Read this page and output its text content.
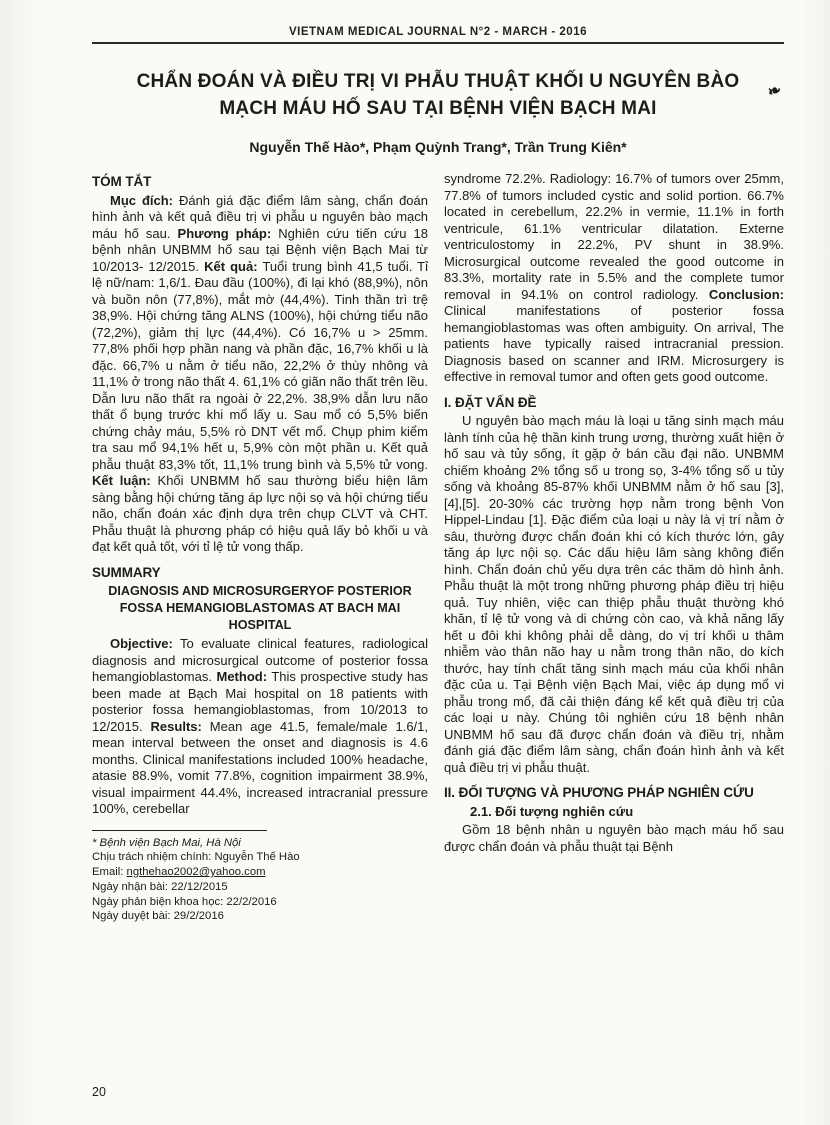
VIETNAM MEDICAL JOURNAL N°2 - MARCH - 2016
CHẨN ĐOÁN VÀ ĐIỀU TRỊ VI PHẪU THUẬT KHỐI U NGUYÊN BÀO
MẠCH MÁU HỐ SAU TẠI BỆNH VIỆN BẠCH MAI
❧
Nguyễn Thế Hào*, Phạm Quỳnh Trang*, Trần Trung Kiên*
TÓM TẮT

Mục đích: Đánh giá đặc điểm lâm sàng, chẩn đoán hình ảnh và kết quả điều trị vi phẫu u nguyên bào mạch máu hố sau. Phương pháp: Nghiên cứu tiến cứu 18 bệnh nhân UNBMM hố sau tại Bệnh viện Bạch Mai từ 10/2013- 12/2015. Kết quả: Tuổi trung bình 41,5 tuổi. Tỉ lệ nữ/nam: 1,6/1. Đau đầu (100%), đi lại khó (88,9%), nôn và buồn nôn (77,8%), mắt mờ (44,4%). Tinh thần trì trệ 38,9%. Hội chứng tăng ALNS (100%), hội chứng tiểu não (72,2%), giảm thị lực (44,4%). Có 16,7% u > 25mm. 77,8% phối hợp phần nang và phần đặc, 16,7% khối u là đặc. 66,7% u nằm ở tiểu não, 22,2% ở thùy nhông và 11,1% ở trong não thất 4. 61,1% có giãn não thất trên lều. Dẫn lưu não thất ra ngoài ở 22,2%. 38,9% dẫn lưu não thất ổ bụng trước khi mổ lấy u. Sau mổ có 5,5% biến chứng chảy máu, 5,5% rò DNT vết mổ. Chụp phim kiểm tra sau mổ 94,1% hết u, 5,9% còn một phần u. Kết quả phẫu thuật 83,3% tốt, 11,1% trung bình và 5,5% tử vong. Kết luận: Khối UNBMM hố sau thường biểu hiện lâm sàng bằng hội chứng tăng áp lực nội sọ và hội chứng tiểu não, chẩn đoán xác định dựa trên chụp CLVT và CHT. Phẫu thuật là phương pháp có hiệu quả lấy bỏ khối u và đạt kết quả tốt, với tỉ lệ tử vong thấp.

SUMMARY
DIAGNOSIS AND MICROSURGERYOF POSTERIOR FOSSA HEMANGIOBLASTOMAS AT BACH MAI HOSPITAL

Objective: To evaluate clinical features, radiological diagnosis and microsurgical outcome of posterior fossa hemangioblastomas. Method: This prospective study has been made at Bạch Mai hospital on 18 patients with posterior fossa hemangioblastomas, from 10/2013 to 12/2015. Results: Mean age 41.5, female/male 1.6/1, mean interval between the onset and diagnosis is 4.6 months. Clinical manifestations included 100% headache, atasie 88.9%, vomit 77.8%, cognition impairment 38.9%, visual impairment 44.4%, increased intracranial pressure 100%, cerebellar

* Bệnh viện Bạch Mai, Hà Nội
Chịu trách nhiệm chính: Nguyễn Thế Hào
Email: ngthehao2002@yahoo.com
Ngày nhận bài: 22/12/2015
Ngày phản biện khoa học: 22/2/2016
Ngày duyệt bài: 29/2/2016

syndrome 72.2%. Radiology: 16.7% of tumors over 25mm, 77.8% of tumors included cystic and solid portion. 66.7% located in cerebellum, 22.2% in vermie, 11.1% in forth ventricule, 61.1% ventricular dilatation. Externe ventriculostomy in 22.2%, PV shunt in 38.9%. Microsurgical outcome revealed the good outcome in 83.3%, mortality rate in 5.5% and the complete tumor removal in 94.1% on control radiology. Conclusion: Clinical manifestations of posterior fossa hemangioblastomas was often ambiguity. On arrival, The patients have typically raised intracranial pression. Diagnosis based on scanner and IRM. Microsurgery is effective in removal tumor and often gets good outcome.

I. ĐẶT VẤN ĐỀ

U nguyên bào mạch máu là loại u tăng sinh mạch máu lành tính của hệ thần kinh trung ương, thường xuất hiện ở hố sau và tủy sống, ít gặp ở bán cầu đại não. UNBMM chiếm khoảng 2% tổng số u trong sọ, 3-4% tổng số u tủy sống và khoảng 85-87% khối UNBMM nằm ở hố sau [3],[4],[5]. 20-30% các trường hợp nằm trong bệnh Von Hippel-Lindau [1]. Đặc điểm của loại u này là vị trí nằm ở sâu, thường được chẩn đoán khi có kích thước lớn, gây tăng áp lực nội sọ. Các dấu hiệu lâm sàng không điển hình. Chẩn đoán chủ yếu dựa trên các thăm dò hình ảnh. Phẫu thuật là một trong những phương pháp điều trị hiệu quả. Tuy nhiên, việc can thiệp phẫu thuật thường khó khăn, tỉ lệ tử vong và di chứng còn cao, và khả năng lấy hết u đôi khi không phải dễ dàng, do vị trí khối u thâm nhiễm vào thân não hay u nằm trong thân não, do kích thước, hay tính chất tăng sinh mạch máu của khối nhân đặc của u. Tại Bệnh viện Bạch Mai, việc áp dụng mổ vi phẫu trong mổ, đã cải thiện đáng kể kết quả điều trị của các loại u này. Chúng tôi nghiên cứu 18 bệnh nhân UNBMM hố sau đã được chẩn đoán và điều trị, nhằm đánh giá đặc điểm lâm sàng, chẩn đoán hình ảnh và kết quả điều trị vi phẫu thuật.

II. ĐỐI TƯỢNG VÀ PHƯƠNG PHÁP NGHIÊN CỨU
2.1. Đối tượng nghiên cứu

Gồm 18 bệnh nhân u nguyên bào mạch máu hố sau được chẩn đoán và phẫu thuật tại Bệnh

20
